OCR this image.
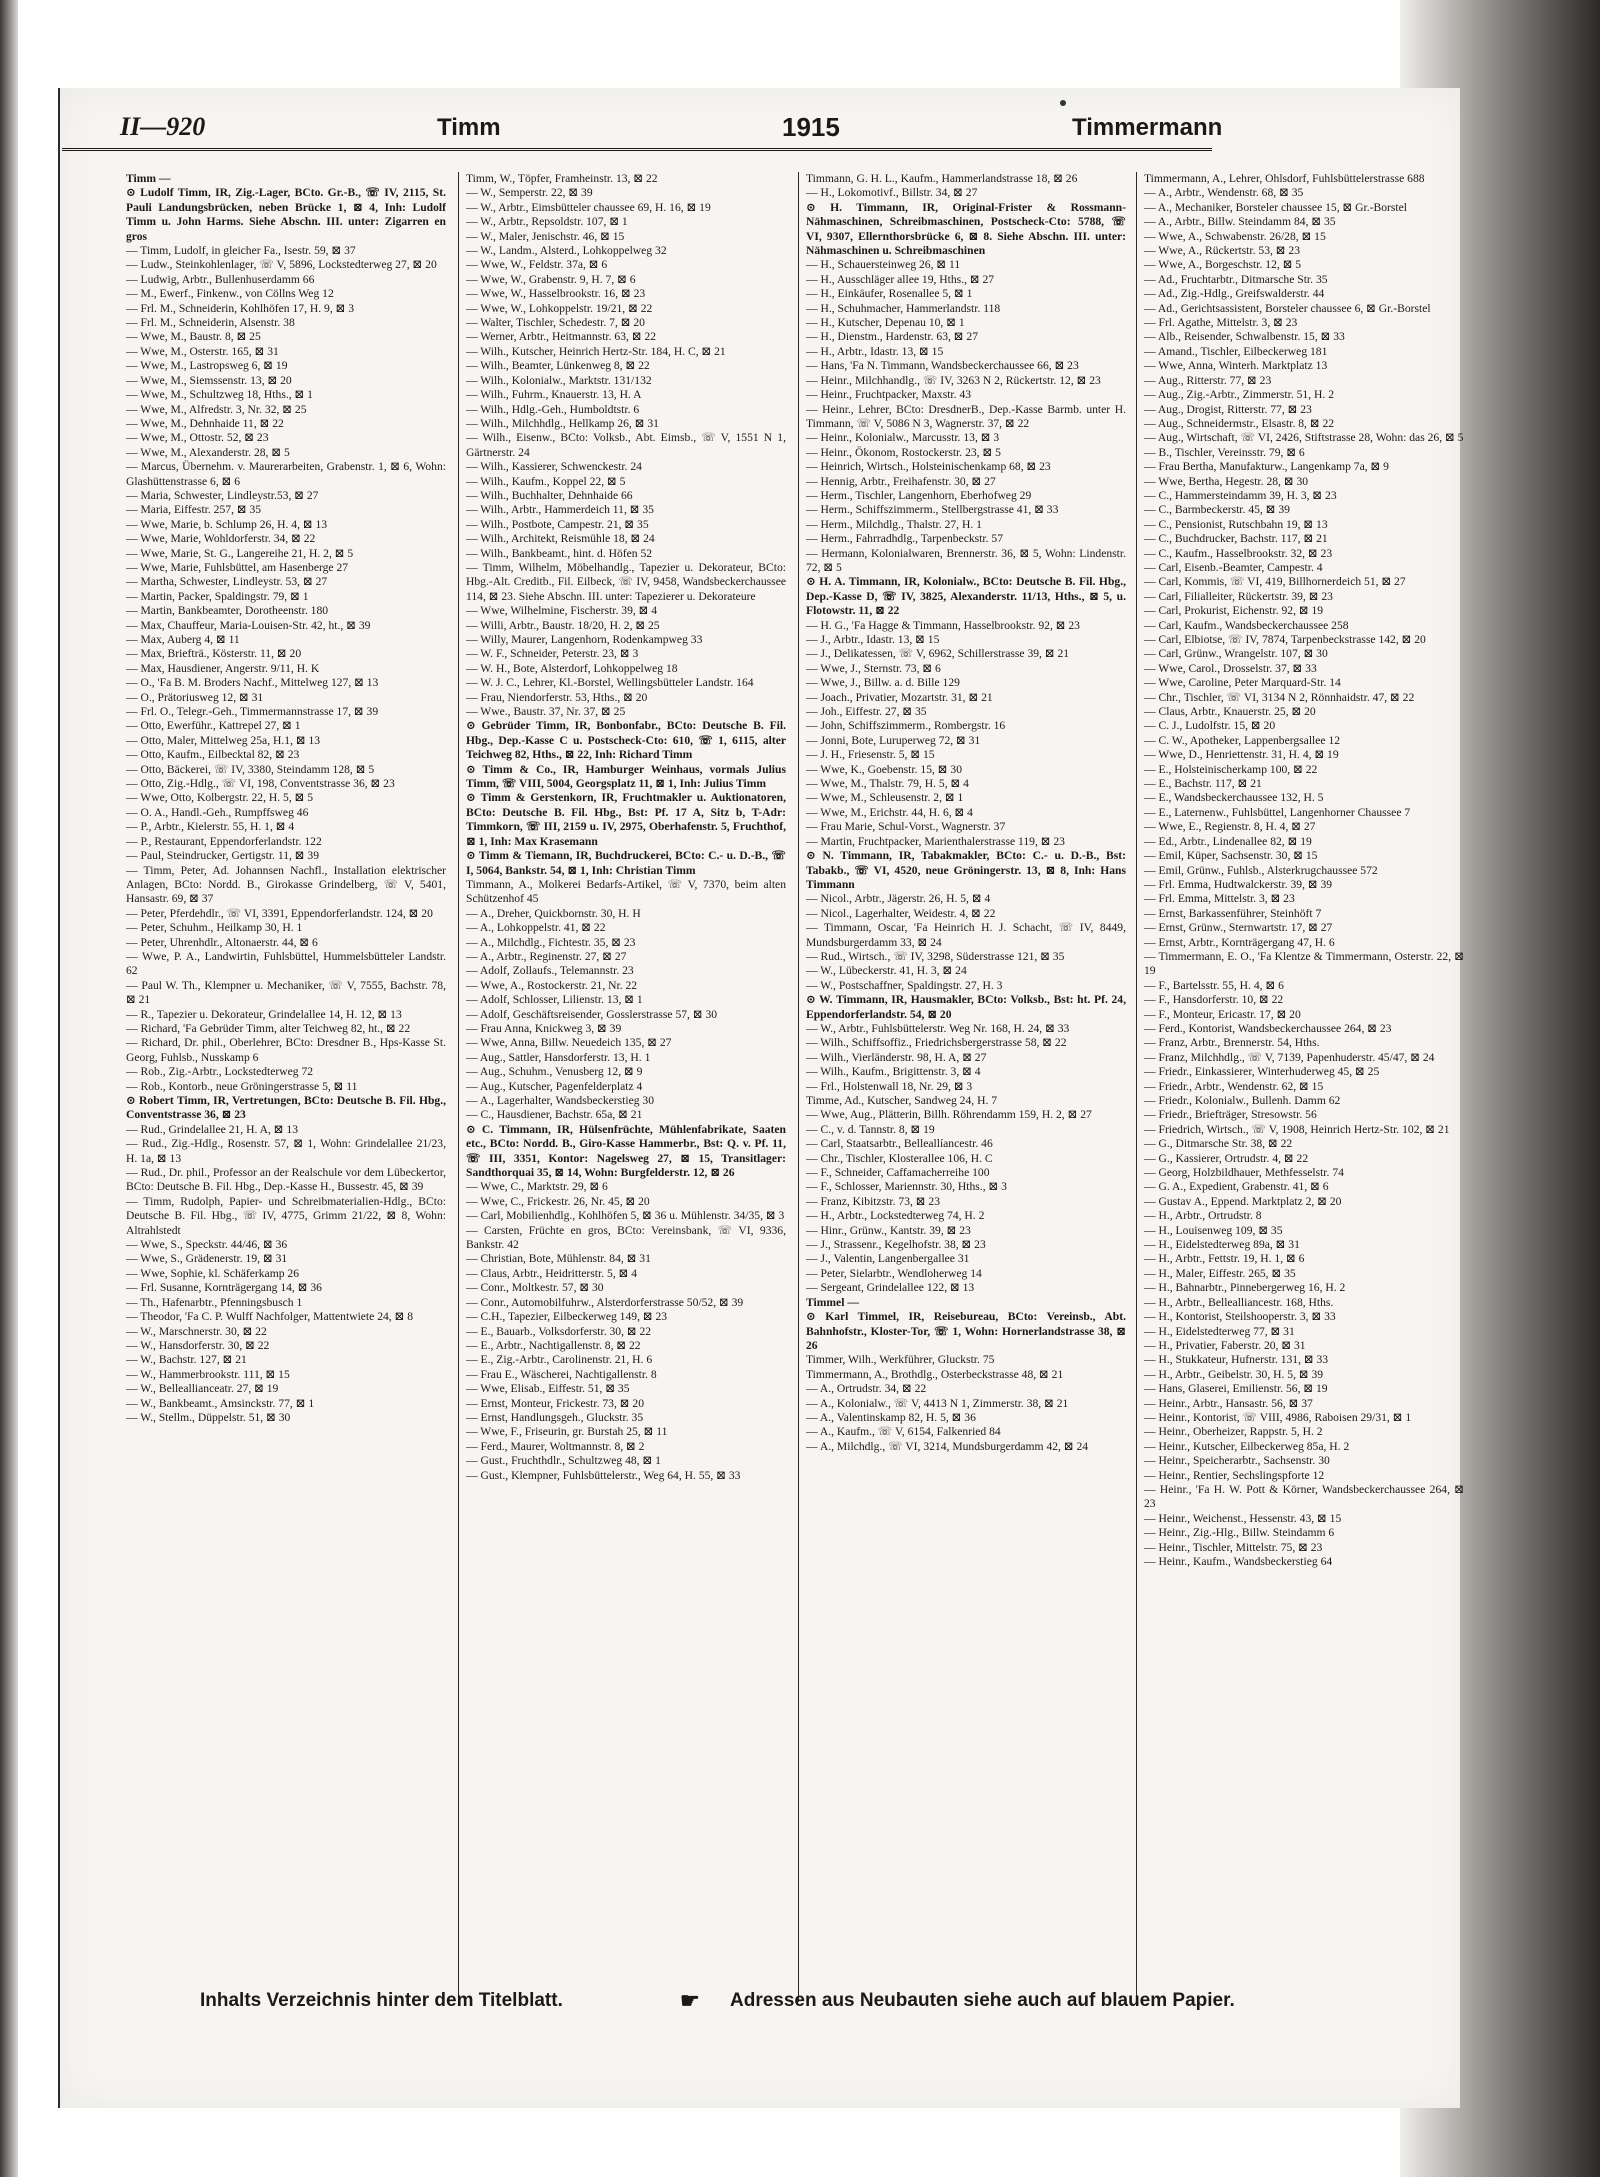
II—920	Timm	1915	Timmermann

Timm —

⊙ Ludolf Timm, IR, Zig.-Lager, BCto. Gr.-B., ☏ IV, 2115, St. Pauli Landungsbrücken, neben Brücke 1, ⊠ 4, Inh: Ludolf Timm u. John Harms. Siehe Abschn. III. unter: Zigarren en gros

— Timm, Ludolf, in gleicher Fa., Isestr. 59, ⊠ 37

— Ludw., Steinkohlenlager, ☏ V, 5896, Lockstedterweg 27, ⊠ 20

— Ludwig, Arbtr., Bullenhuserdamm 66

— M., Ewerf., Finkenw., von Cöllns Weg 12

— Frl. M., Schneiderin, Kohlhöfen 17, H. 9, ⊠ 3

— Frl. M., Schneiderin, Alsenstr. 38

— Wwe, M., Baustr. 8, ⊠ 25

— Wwe, M., Osterstr. 165, ⊠ 31

— Wwe, M., Lastropsweg 6, ⊠ 19

— Wwe, M., Siemssenstr. 13, ⊠ 20

— Wwe, M., Schultzweg 18, Hths., ⊠ 1

— Wwe, M., Alfredstr. 3, Nr. 32, ⊠ 25

— Wwe, M., Dehnhaide 11, ⊠ 22

— Wwe, M., Ottostr. 52, ⊠ 23

— Wwe, M., Alexanderstr. 28, ⊠ 5

— Marcus, Übernehm. v. Maurerarbeiten, Grabenstr. 1, ⊠ 6, Wohn: Glashüttenstrasse 6, ⊠ 6

— Maria, Schwester, Lindleystr.53, ⊠ 27

— Maria, Eiffestr. 257, ⊠ 35

— Wwe, Marie, b. Schlump 26, H. 4, ⊠ 13

— Wwe, Marie, Wohldorferstr. 34, ⊠ 22

— Wwe, Marie, St. G., Langereihe 21, H. 2, ⊠ 5

— Wwe, Marie, Fuhlsbüttel, am Hasenberge 27

— Martha, Schwester, Lindleystr. 53, ⊠ 27

— Martin, Packer, Spaldingstr. 79, ⊠ 1

— Martin, Bankbeamter, Dorotheenstr. 180

— Max, Chauffeur, Maria-Louisen-Str. 42, ht., ⊠ 39

— Max, Auberg 4, ⊠ 11

— Max, Briefträ., Kösterstr. 11, ⊠ 20

— Max, Hausdiener, Angerstr. 9/11, H. K

— O., 'Fa B. M. Broders Nachf., Mittelweg 127, ⊠ 13

— O., Prätoriusweg 12, ⊠ 31

— Frl. O., Telegr.-Geh., Timmermannstrasse 17, ⊠ 39

— Otto, Ewerführ., Kattrepel 27, ⊠ 1

— Otto, Maler, Mittelweg 25a, H.1, ⊠ 13

— Otto, Kaufm., Eilbecktal 82, ⊠ 23

— Otto, Bäckerei, ☏ IV, 3380, Steindamm 128, ⊠ 5

— Otto, Zig.-Hdlg., ☏ VI, 198, Conventstrasse 36, ⊠ 23

— Wwe, Otto, Kolbergstr. 22, H. 5, ⊠ 5

— O. A., Handl.-Geh., Rumpffsweg 46

— P., Arbtr., Kielerstr. 55, H. 1, ⊠ 4

— P., Restaurant, Eppendorferlandstr. 122

— Paul, Steindrucker, Gertigstr. 11, ⊠ 39

— Timm, Peter, Ad. Johannsen Nachfl., Installation elektrischer Anlagen, BCto: Nordd. B., Girokasse Grindelberg, ☏ V, 5401, Hansastr. 69, ⊠ 37

— Peter, Pferdehdlr., ☏ VI, 3391, Eppendorferlandstr. 124, ⊠ 20

— Peter, Schuhm., Heilkamp 30, H. 1

— Peter, Uhrenhdlr., Altonaerstr. 44, ⊠ 6

— Wwe, P. A., Landwirtin, Fuhlsbüttel, Hummelsbütteler Landstr. 62

— Paul W. Th., Klempner u. Mechaniker, ☏ V, 7555, Bachstr. 78, ⊠ 21

— R., Tapezier u. Dekorateur, Grindelallee 14, H. 12, ⊠ 13

— Richard, 'Fa Gebrüder Timm, alter Teichweg 82, ht., ⊠ 22

— Richard, Dr. phil., Oberlehrer, BCto: Dresdner B., Hps-Kasse St. Georg, Fuhlsb., Nusskamp 6

— Rob., Zig.-Arbtr., Lockstedterweg 72

— Rob., Kontorb., neue Gröningerstrasse 5, ⊠ 11

⊙ Robert Timm, IR, Vertretungen, BCto: Deutsche B. Fil. Hbg., Conventstrasse 36, ⊠ 23

— Rud., Grindelallee 21, H. A, ⊠ 13

— Rud., Zig.-Hdlg., Rosenstr. 57, ⊠ 1, Wohn: Grindelallee 21/23, H. 1a, ⊠ 13

— Rud., Dr. phil., Professor an der Realschule vor dem Lübeckertor, BCto: Deutsche B. Fil. Hbg., Dep.-Kasse H., Bussestr. 45, ⊠ 39

— Timm, Rudolph, Papier- und Schreibmaterialien-Hdlg., BCto: Deutsche B. Fil. Hbg., ☏ IV, 4775, Grimm 21/22, ⊠ 8, Wohn: Altrahlstedt

— Wwe, S., Speckstr. 44/46, ⊠ 36

— Wwe, S., Grädenerstr. 19, ⊠ 31

— Wwe, Sophie, kl. Schäferkamp 26

— Frl. Susanne, Kornträgergang 14, ⊠ 36

— Th., Hafenarbtr., Pfenningsbusch 1

— Theodor, 'Fa C. P. Wulff Nachfolger, Mattentwiete 24, ⊠ 8

— W., Marschnerstr. 30, ⊠ 22

— W., Hansdorferstr. 30, ⊠ 22

— W., Bachstr. 127, ⊠ 21

— W., Hammerbrookstr. 111, ⊠ 15

— W., Belleallianceatr. 27, ⊠ 19

— W., Bankbeamt., Amsinckstr. 77, ⊠ 1

— W., Stellm., Düppelstr. 51, ⊠ 30

Timm, W., Töpfer, Framheinstr. 13, ⊠ 22

— W., Semperstr. 22, ⊠ 39

— W., Arbtr., Eimsbütteler chaussee 69, H. 16, ⊠ 19

— W., Arbtr., Repsoldstr. 107, ⊠ 1

— W., Maler, Jenischstr. 46, ⊠ 15

— W., Landm., Alsterd., Lohkoppelweg 32

— Wwe, W., Feldstr. 37a, ⊠ 6

— Wwe, W., Grabenstr. 9, H. 7, ⊠ 6

— Wwe, W., Hasselbrookstr. 16, ⊠ 23

— Wwe, W., Lohkoppelstr. 19/21, ⊠ 22

— Walter, Tischler, Schedestr. 7, ⊠ 20

— Werner, Arbtr., Heitmannstr. 63, ⊠ 22

— Wilh., Kutscher, Heinrich Hertz-Str. 184, H. C, ⊠ 21

— Wilh., Beamter, Lünkenweg 8, ⊠ 22

— Wilh., Kolonialw., Marktstr. 131/132

— Wilh., Fuhrm., Knauerstr. 13, H. A

— Wilh., Hdlg.-Geh., Humboldtstr. 6

— Wilh., Milchhdlg., Hellkamp 26, ⊠ 31

— Wilh., Eisenw., BCto: Volksb., Abt. Eimsb., ☏ V, 1551 N 1, Gärtnerstr. 24

— Wilh., Kassierer, Schwenckestr. 24

— Wilh., Kaufm., Koppel 22, ⊠ 5

— Wilh., Buchhalter, Dehnhaide 66

— Wilh., Arbtr., Hammerdeich 11, ⊠ 35

— Wilh., Postbote, Campestr. 21, ⊠ 35

— Wilh., Architekt, Reismühle 18, ⊠ 24

— Wilh., Bankbeamt., hint. d. Höfen 52

— Timm, Wilhelm, Möbelhandlg., Tapezier u. Dekorateur, BCto: Hbg.-Alt. Creditb., Fil. Eilbeck, ☏ IV, 9458, Wandsbeckerchaussee 114, ⊠ 23. Siehe Abschn. III. unter: Tapezierer u. Dekorateure

— Wwe, Wilhelmine, Fischerstr. 39, ⊠ 4

— Willi, Arbtr., Baustr. 18/20, H. 2, ⊠ 25

— Willy, Maurer, Langenhorn, Rodenkampweg 33

— W. F., Schneider, Peterstr. 23, ⊠ 3

— W. H., Bote, Alsterdorf, Lohkoppelweg 18

— W. J. C., Lehrer, Kl.-Borstel, Wellingsbütteler Landstr. 164

— Frau, Niendorferstr. 53, Hths., ⊠ 20

— Wwe., Baustr. 37, Nr. 37, ⊠ 25

⊙ Gebrüder Timm, IR, Bonbonfabr., BCto: Deutsche B. Fil. Hbg., Dep.-Kasse C u. Postscheck-Cto: 610, ☏ 1, 6115, alter Teichweg 82, Hths., ⊠ 22, Inh: Richard Timm

⊙ Timm & Co., IR, Hamburger Weinhaus, vormals Julius Timm, ☏ VIII, 5004, Georgsplatz 11, ⊠ 1, Inh: Julius Timm

⊙ Timm & Gerstenkorn, IR, Fruchtmakler u. Auktionatoren, BCto: Deutsche B. Fil. Hbg., Bst: Pf. 17 A, Sitz b, T-Adr: Timmkorn, ☏ III, 2159 u. IV, 2975, Oberhafenstr. 5, Fruchthof, ⊠ 1, Inh: Max Krasemann

⊙ Timm & Tiemann, IR, Buchdruckerei, BCto: C.- u. D.-B., ☏ I, 5064, Bankstr. 54, ⊠ 1, Inh: Christian Timm

Timmann, A., Molkerei Bedarfs-Artikel, ☏ V, 7370, beim alten Schützenhof 45

— A., Dreher, Quickbornstr. 30, H. H

— A., Lohkoppelstr. 41, ⊠ 22

— A., Milchdlg., Fichtestr. 35, ⊠ 23

— A., Arbtr., Reginenstr. 27, ⊠ 27

— Adolf, Zollaufs., Telemannstr. 23

— Wwe, A., Rostockerstr. 21, Nr. 22

— Adolf, Schlosser, Lilienstr. 13, ⊠ 1

— Adolf, Geschäftsreisender, Gosslerstrasse 57, ⊠ 30

— Frau Anna, Knickweg 3, ⊠ 39

— Wwe, Anna, Billw. Neuedeich 135, ⊠ 27

— Aug., Sattler, Hansdorferstr. 13, H. 1

— Aug., Schuhm., Venusberg 12, ⊠ 9

— Aug., Kutscher, Pagenfelderplatz 4

— A., Lagerhalter, Wandsbeckerstieg 30

— C., Hausdiener, Bachstr. 65a, ⊠ 21

⊙ C. Timmann, IR, Hülsenfrüchte, Mühlenfabrikate, Saaten etc., BCto: Nordd. B., Giro-Kasse Hammerbr., Bst: Q. v. Pf. 11, ☏ III, 3351, Kontor: Nagelsweg 27, ⊠ 15, Transitlager: Sandthorquai 35, ⊠ 14, Wohn: Burgfelderstr. 12, ⊠ 26

— Wwe, C., Marktstr. 29, ⊠ 6

— Wwe, C., Frickestr. 26, Nr. 45, ⊠ 20

— Carl, Mobilienhdlg., Kohlhöfen 5, ⊠ 36 u. Mühlenstr. 34/35, ⊠ 3

— Carsten, Früchte en gros, BCto: Vereinsbank, ☏ VI, 9336, Bankstr. 42

— Christian, Bote, Mühlenstr. 84, ⊠ 31

— Claus, Arbtr., Heidritterstr. 5, ⊠ 4

— Conr., Moltkestr. 57, ⊠ 30

— Conr., Automobilfuhrw., Alsterdorferstrasse 50/52, ⊠ 39

— C.H., Tapezier, Eilbeckerweg 149, ⊠ 23

— E., Bauarb., Volksdorferstr. 30, ⊠ 22

— E., Arbtr., Nachtigallenstr. 8, ⊠ 22

— E., Zig.-Arbtr., Carolinenstr. 21, H. 6

— Frau E., Wäscherei, Nachtigallenstr. 8

— Wwe, Elisab., Eiffestr. 51, ⊠ 35

— Ernst, Monteur, Frickestr. 73, ⊠ 20

— Ernst, Handlungsgeh., Gluckstr. 35

— Wwe, F., Friseurin, gr. Burstah 25, ⊠ 11

— Ferd., Maurer, Woltmannstr. 8, ⊠ 2

— Gust., Fruchthdlr., Schultzweg 48, ⊠ 1

— Gust., Klempner, Fuhlsbüttelerstr., Weg 64, H. 55, ⊠ 33

Timmann, G. H. L., Kaufm., Hammerlandstrasse 18, ⊠ 26

— H., Lokomotivf., Billstr. 34, ⊠ 27

⊙ H. Timmann, IR, Original-Frister & Rossmann-Nähmaschinen, Schreibmaschinen, Postscheck-Cto: 5788, ☏ VI, 9307, Ellernthorsbrücke 6, ⊠ 8. Siehe Abschn. III. unter: Nähmaschinen u. Schreibmaschinen

— H., Schauersteinweg 26, ⊠ 11

— H., Ausschläger allee 19, Hths., ⊠ 27

— H., Einkäufer, Rosenallee 5, ⊠ 1

— H., Schuhmacher, Hammerlandstr. 118

— H., Kutscher, Depenau 10, ⊠ 1

— H., Dienstm., Hardenstr. 63, ⊠ 27

— H., Arbtr., Idastr. 13, ⊠ 15

— Hans, 'Fa N. Timmann, Wandsbeckerchaussee 66, ⊠ 23

— Heinr., Milchhandlg., ☏ IV, 3263 N 2, Rückertstr. 12, ⊠ 23

— Heinr., Fruchtpacker, Maxstr. 43

— Heinr., Lehrer, BCto: DresdnerB., Dep.-Kasse Barmb. unter H. Timmann, ☏ V, 5086 N 3, Wagnerstr. 37, ⊠ 22

— Heinr., Kolonialw., Marcusstr. 13, ⊠ 3

— Heinr., Ökonom, Rostockerstr. 23, ⊠ 5

— Heinrich, Wirtsch., Holsteinischenkamp 68, ⊠ 23

— Hennig, Arbtr., Freihafenstr. 30, ⊠ 27

— Herm., Tischler, Langenhorn, Eberhofweg 29

— Herm., Schiffszimmerm., Stellbergstrasse 41, ⊠ 33

— Herm., Milchdlg., Thalstr. 27, H. 1

— Herm., Fahrradhdlg., Tarpenbeckstr. 57

— Hermann, Kolonialwaren, Brennerstr. 36, ⊠ 5, Wohn: Lindenstr. 72, ⊠ 5

⊙ H. A. Timmann, IR, Kolonialw., BCto: Deutsche B. Fil. Hbg., Dep.-Kasse D, ☏ IV, 3825, Alexanderstr. 11/13, Hths., ⊠ 5, u. Flotowstr. 11, ⊠ 22

— H. G., 'Fa Hagge & Timmann, Hasselbrookstr. 92, ⊠ 23

— J., Arbtr., Idastr. 13, ⊠ 15

— J., Delikatessen, ☏ V, 6962, Schillerstrasse 39, ⊠ 21

— Wwe, J., Sternstr. 73, ⊠ 6

— Wwe, J., Billw. a. d. Bille 129

— Joach., Privatier, Mozartstr. 31, ⊠ 21

— Joh., Eiffestr. 27, ⊠ 35

— John, Schiffszimmerm., Rombergstr. 16

— Jonni, Bote, Luruperweg 72, ⊠ 31

— J. H., Friesenstr. 5, ⊠ 15

— Wwe, K., Goebenstr. 15, ⊠ 30

— Wwe, M., Thalstr. 79, H. 5, ⊠ 4

— Wwe, M., Schleusenstr. 2, ⊠ 1

— Wwe, M., Erichstr. 44, H. 6, ⊠ 4

— Frau Marie, Schul-Vorst., Wagnerstr. 37

— Martin, Fruchtpacker, Marienthalerstrasse 119, ⊠ 23

⊙ N. Timmann, IR, Tabakmakler, BCto: C.- u. D.-B., Bst: Tabakb., ☏ VI, 4520, neue Gröningerstr. 13, ⊠ 8, Inh: Hans Timmann

— Nicol., Arbtr., Jägerstr. 26, H. 5, ⊠ 4

— Nicol., Lagerhalter, Weidestr. 4, ⊠ 22

— Timmann, Oscar, 'Fa Heinrich H. J. Schacht, ☏ IV, 8449, Mundsburgerdamm 33, ⊠ 24

— Rud., Wirtsch., ☏ IV, 3298, Süderstrasse 121, ⊠ 35

— W., Lübeckerstr. 41, H. 3, ⊠ 24

— W., Postschaffner, Spaldingstr. 27, H. 3

⊙ W. Timmann, IR, Hausmakler, BCto: Volksb., Bst: ht. Pf. 24, Eppendorferlandstr. 54, ⊠ 20

— W., Arbtr., Fuhlsbüttelerstr. Weg Nr. 168, H. 24, ⊠ 33

— Wilh., Schiffsoffiz., Friedrichsbergerstrasse 58, ⊠ 22

— Wilh., Vierländerstr. 98, H. A, ⊠ 27

— Wilh., Kaufm., Brigittenstr. 3, ⊠ 4

— Frl., Holstenwall 18, Nr. 29, ⊠ 3

Timme, Ad., Kutscher, Sandweg 24, H. 7

— Wwe, Aug., Plätterin, Billh. Röhrendamm 159, H. 2, ⊠ 27

— C., v. d. Tannstr. 8, ⊠ 19

— Carl, Staatsarbtr., Belleallíancestr. 46

— Chr., Tischler, Klosterallee 106, H. C

— F., Schneider, Caffamacherreihe 100

— F., Schlosser, Mariennstr. 30, Hths., ⊠ 3

— Franz, Kibitzstr. 73, ⊠ 23

— H., Arbtr., Lockstedterweg 74, H. 2

— Hinr., Grünw., Kantstr. 39, ⊠ 23

— J., Strassenr., Kegelhofstr. 38, ⊠ 23

— J., Valentin, Langenbergallee 31

— Peter, Sielarbtr., Wendloherweg 14

— Sergeant, Grindelallee 122, ⊠ 13

Timmel —

⊙ Karl Timmel, IR, Reisebureau, BCto: Vereinsb., Abt. Bahnhofstr., Kloster-Tor, ☏ 1, Wohn: Hornerlandstrasse 38, ⊠ 26

Timmer, Wilh., Werkführer, Gluckstr. 75

Timmermann, A., Brothdlg., Osterbeckstrasse 48, ⊠ 21

— A., Ortrudstr. 34, ⊠ 22

— A., Kolonialw., ☏ V, 4413 N 1, Zimmerstr. 38, ⊠ 21

— A., Valentinskamp 82, H. 5, ⊠ 36

— A., Kaufm., ☏ V, 6154, Falkenried 84

— A., Milchdlg., ☏ VI, 3214, Mundsburgerdamm 42, ⊠ 24

Timmermann, A., Lehrer, Ohlsdorf, Fuhlsbüttelerstrasse 688

— A., Arbtr., Wendenstr. 68, ⊠ 35

— A., Mechaniker, Borsteler chaussee 15, ⊠ Gr.-Borstel

— A., Arbtr., Billw. Steindamm 84, ⊠ 35

— Wwe, A., Schwabenstr. 26/28, ⊠ 15

— Wwe, A., Rückertstr. 53, ⊠ 23

— Wwe, A., Borgeschstr. 12, ⊠ 5

— Ad., Fruchtarbtr., Ditmarsche Str. 35

— Ad., Zig.-Hdlg., Greifswalderstr. 44

— Ad., Gerichtsassistent, Borsteler chaussee 6, ⊠ Gr.-Borstel

— Frl. Agathe, Mittelstr. 3, ⊠ 23

— Alb., Reisender, Schwalbenstr. 15, ⊠ 33

— Amand., Tischler, Eilbeckerweg 181

— Wwe, Anna, Winterh. Marktplatz 13

— Aug., Ritterstr. 77, ⊠ 23

— Aug., Zig.-Arbtr., Zimmerstr. 51, H. 2

— Aug., Drogist, Ritterstr. 77, ⊠ 23

— Aug., Schneidermstr., Elsastr. 8, ⊠ 22

— Aug., Wirtschaft, ☏ VI, 2426, Stiftstrasse 28, Wohn: das 26, ⊠ 5

— B., Tischler, Vereinsstr. 79, ⊠ 6

— Frau Bertha, Manufakturw., Langenkamp 7a, ⊠ 9

— Wwe, Bertha, Hegestr. 28, ⊠ 30

— C., Hammersteindamm 39, H. 3, ⊠ 23

— C., Barmbeckerstr. 45, ⊠ 39

— C., Pensionist, Rutschbahn 19, ⊠ 13

— C., Buchdrucker, Bachstr. 117, ⊠ 21

— C., Kaufm., Hasselbrookstr. 32, ⊠ 23

— Carl, Eisenb.-Beamter, Campestr. 4

— Carl, Kommis, ☏ VI, 419, Billhornerdeich 51, ⊠ 27

— Carl, Filialleiter, Rückertstr. 39, ⊠ 23

— Carl, Prokurist, Eichenstr. 92, ⊠ 19

— Carl, Kaufm., Wandsbeckerchaussee 258

— Carl, Elbiotse, ☏ IV, 7874, Tarpenbeckstrasse 142, ⊠ 20

— Carl, Grünw., Wrangelstr. 107, ⊠ 30

— Wwe, Carol., Drosselstr. 37, ⊠ 33

— Wwe, Caroline, Peter Marquard-Str. 14

— Chr., Tischler, ☏ VI, 3134 N 2, Rönnhaidstr. 47, ⊠ 22

— Claus, Arbtr., Knauerstr. 25, ⊠ 20

— C. J., Ludolfstr. 15, ⊠ 20

— C. W., Apotheker, Lappenbergsallee 12

— Wwe, D., Henriettenstr. 31, H. 4, ⊠ 19

— E., Holsteinischerkamp 100, ⊠ 22

— E., Bachstr. 117, ⊠ 21

— E., Wandsbeckerchaussee 132, H. 5

— E., Laternenw., Fuhlsbüttel, Langenhorner Chaussee 7

— Wwe, E., Regienstr. 8, H. 4, ⊠ 27

— Ed., Arbtr., Lindenallee 82, ⊠ 19

— Emil, Küper, Sachsenstr. 30, ⊠ 15

— Emil, Grünw., Fuhlsb., Alsterkrugchaussee 572

— Frl. Emma, Hudtwalckerstr. 39, ⊠ 39

— Frl. Emma, Mittelstr. 3, ⊠ 23

— Ernst, Barkassenführer, Steinhöft 7

— Ernst, Grünw., Sternwartstr. 17, ⊠ 27

— Ernst, Arbtr., Kornträgergang 47, H. 6

— Timmermann, E. O., 'Fa Klentze & Timmermann, Osterstr. 22, ⊠ 19

— F., Bartelsstr. 55, H. 4, ⊠ 6

— F., Hansdorferstr. 10, ⊠ 22

— F., Monteur, Ericastr. 17, ⊠ 20

— Ferd., Kontorist, Wandsbeckerchaussee 264, ⊠ 23

— Franz, Arbtr., Brennerstr. 54, Hths.

— Franz, Milchhdlg., ☏ V, 7139, Papenhuderstr. 45/47, ⊠ 24

— Friedr., Einkassierer, Winterhuderweg 45, ⊠ 25

— Friedr., Arbtr., Wendenstr. 62, ⊠ 15

— Friedr., Kolonialw., Bullenh. Damm 62

— Friedr., Briefträger, Stresowstr. 56

— Friedrich, Wirtsch., ☏ V, 1908, Heinrich Hertz-Str. 102, ⊠ 21

— G., Ditmarsche Str. 38, ⊠ 22

— G., Kassierer, Ortrudstr. 4, ⊠ 22

— Georg, Holzbildhauer, Methfesselstr. 74

— G. A., Expedient, Grabenstr. 41, ⊠ 6

— Gustav A., Eppend. Marktplatz 2, ⊠ 20

— H., Arbtr., Ortrudstr. 8

— H., Louisenweg 109, ⊠ 35

— H., Eidelstedterweg 89a, ⊠ 31

— H., Arbtr., Fettstr. 19, H. 1, ⊠ 6

— H., Maler, Eiffestr. 265, ⊠ 35

— H., Bahnarbtr., Pinnebergerweg 16, H. 2

— H., Arbtr., Bellealliancestr. 168, Hths.

— H., Kontorist, Steilshooperstr. 3, ⊠ 33

— H., Eidelstedterweg 77, ⊠ 31

— H., Privatier, Faberstr. 20, ⊠ 31

— H., Stukkateur, Hufnerstr. 131, ⊠ 33

— H., Arbtr., Geibelstr. 30, H. 5, ⊠ 39

— Hans, Glaserei, Emilienstr. 56, ⊠ 19

— Heinr., Arbtr., Hansastr. 56, ⊠ 37

— Heinr., Kontorist, ☏ VIII, 4986, Raboisen 29/31, ⊠ 1

— Heinr., Oberheizer, Rappstr. 5, H. 2

— Heinr., Kutscher, Eilbeckerweg 85a, H. 2

— Heinr., Speicherarbtr., Sachsenstr. 30

— Heinr., Rentier, Sechslingspforte 12

— Heinr., 'Fa H. W. Pott & Körner, Wandsbeckerchaussee 264, ⊠ 23

— Heinr., Weichenst., Hessenstr. 43, ⊠ 15

— Heinr., Zig.-Hlg., Billw. Steindamm 6

— Heinr., Tischler, Mittelstr. 75, ⊠ 23

— Heinr., Kaufm., Wandsbeckerstieg 64

Inhalts Verzeichnis hinter dem Titelblatt.	☛ Adressen aus Neubauten siehe auch auf blauem Papier.
